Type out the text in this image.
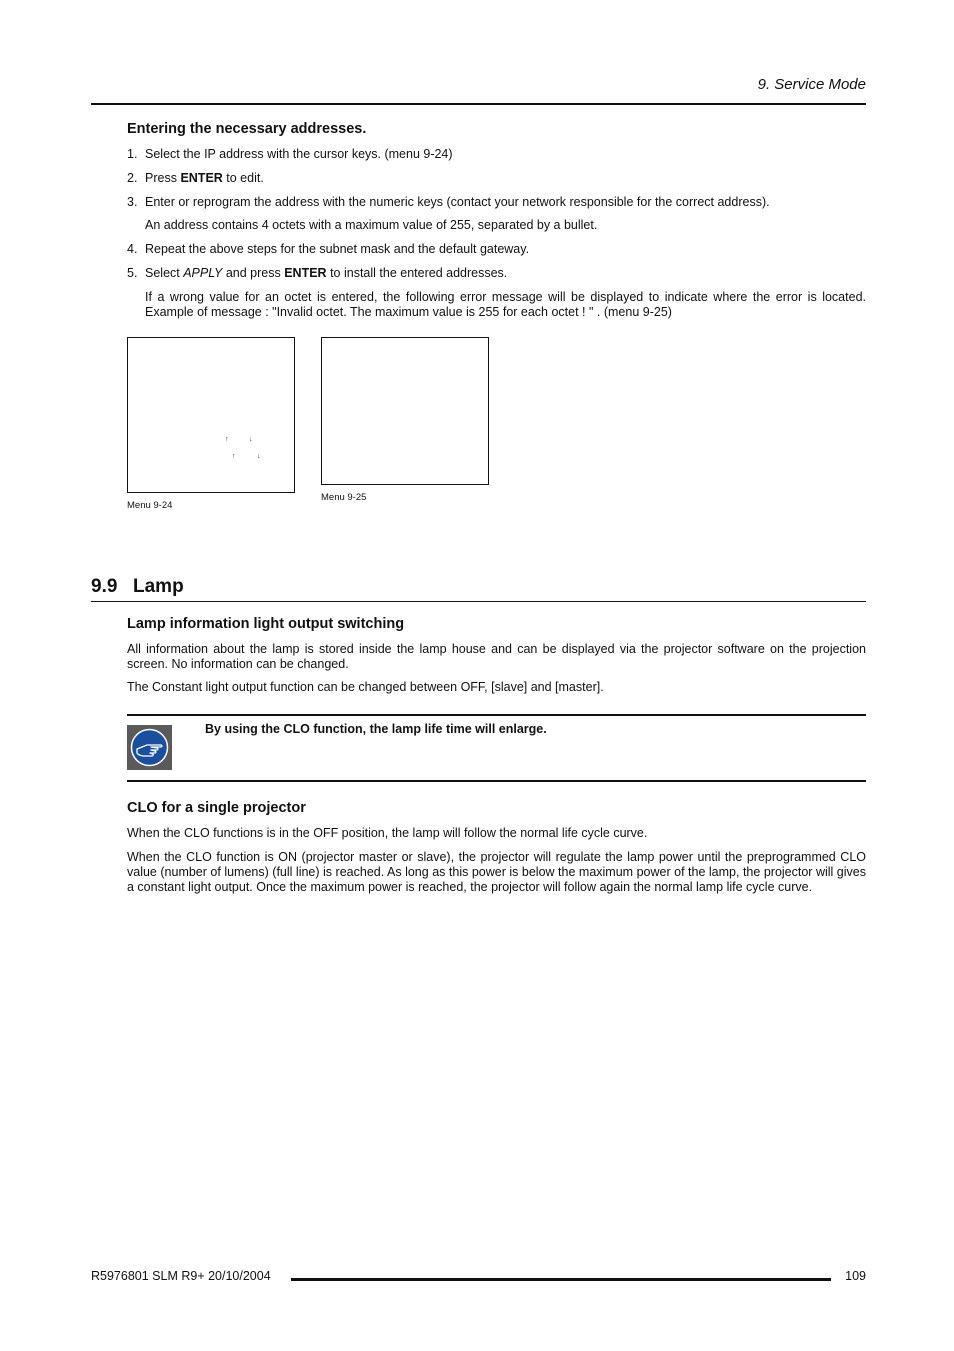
9. Service Mode
Entering the necessary addresses.
1. Select the IP address with the cursor keys. (menu 9-24)
2. Press ENTER to edit.
3. Enter or reprogram the address with the numeric keys (contact your network responsible for the correct address).
An address contains 4 octets with a maximum value of 255, separated by a bullet.
4. Repeat the above steps for the subnet mask and the default gateway.
5. Select APPLY and press ENTER to install the entered addresses.
If a wrong value for an octet is entered, the following error message will be displayed to indicate where the error is located. Example of message : "Invalid octet. The maximum value is 255 for each octet ! " . (menu 9-25)
↑	↓
↑	↓
Menu 9-24
Menu 9-25
9.9 Lamp
Lamp information light output switching
All information about the lamp is stored inside the lamp house and can be displayed via the projector software on the projection screen. No information can be changed.
The Constant light output function can be changed between OFF, [slave] and [master].
By using the CLO function, the lamp life time will enlarge.
CLO for a single projector
When the CLO functions is in the OFF position, the lamp will follow the normal life cycle curve.
When the CLO function is ON (projector master or slave), the projector will regulate the lamp power until the preprogrammed CLO value (number of lumens) (full line) is reached. As long as this power is below the maximum power of the lamp, the projector will gives a constant light output. Once the maximum power is reached, the projector will follow again the normal lamp life cycle curve.
R5976801 SLM R9+ 20/10/2004	109
